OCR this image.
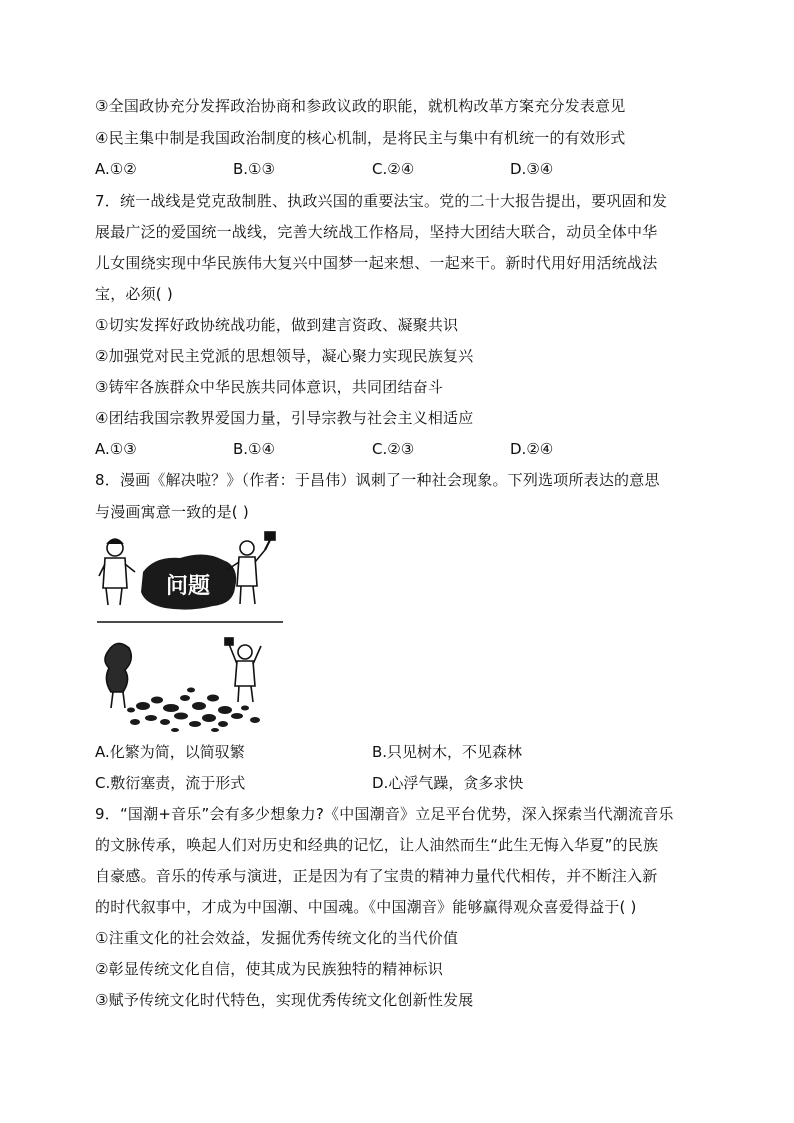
③全国政协充分发挥政治协商和参政议政的职能，就机构改革方案充分发表意见
④民主集中制是我国政治制度的核心机制，是将民主与集中有机统一的有效形式
A.①②	B.①③	C.②④	D.③④
7．统一战线是党克敌制胜、执政兴国的重要法宝。党的二十大报告提出，要巩固和发
展最广泛的爱国统一战线，完善大统战工作格局，坚持大团结大联合，动员全体中华
儿女围绕实现中华民族伟大复兴中国梦一起来想、一起来干。新时代用好用活统战法
宝，必须( )
①切实发挥好政协统战功能，做到建言资政、凝聚共识
②加强党对民主党派的思想领导，凝心聚力实现民族复兴
③铸牢各族群众中华民族共同体意识，共同团结奋斗
④团结我国宗教界爱国力量，引导宗教与社会主义相适应
A.①③	B.①④	C.②③	D.②④
8．漫画《解决啦？》（作者：于昌伟）讽刺了一种社会现象。下列选项所表达的意思
与漫画寓意一致的是( )
问题
A.化繁为简，以简驭繁	B.只见树木，不见森林
C.敷衍塞责，流于形式	D.心浮气躁，贪多求快
9．“国潮+音乐”会有多少想象力?《中国潮音》立足平台优势，深入探索当代潮流音乐
的文脉传承，唤起人们对历史和经典的记忆，让人油然而生“此生无悔入华夏”的民族
自豪感。音乐的传承与演进，正是因为有了宝贵的精神力量代代相传，并不断注入新
的时代叙事中，才成为中国潮、中国魂。《中国潮音》能够赢得观众喜爱得益于( )
①注重文化的社会效益，发掘优秀传统文化的当代价值
②彰显传统文化自信，使其成为民族独特的精神标识
③赋予传统文化时代特色，实现优秀传统文化创新性发展
